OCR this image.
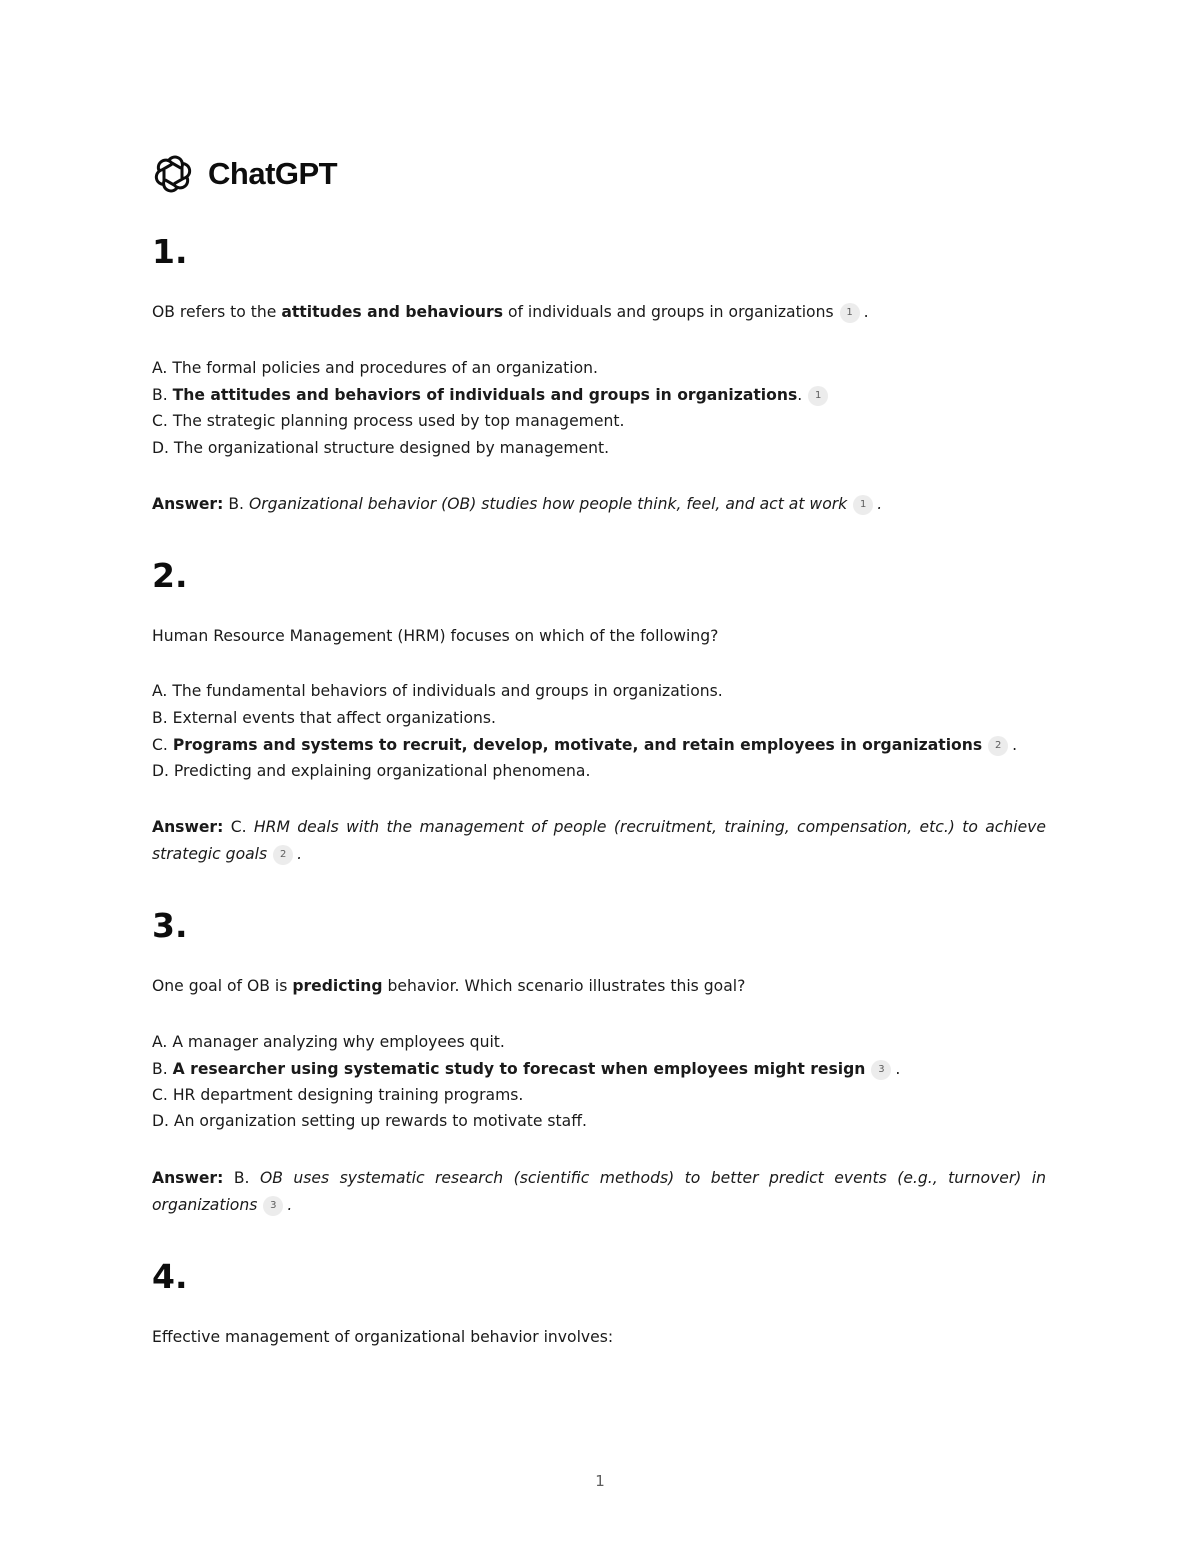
ChatGPT
1.
OB refers to the attitudes and behaviours of individuals and groups in organizations 1 .
A. The formal policies and procedures of an organization.
B. The attitudes and behaviors of individuals and groups in organizations. 1
C. The strategic planning process used by top management.
D. The organizational structure designed by management.
Answer: B. Organizational behavior (OB) studies how people think, feel, and act at work 1 .
2.
Human Resource Management (HRM) focuses on which of the following?
A. The fundamental behaviors of individuals and groups in organizations.
B. External events that affect organizations.
C. Programs and systems to recruit, develop, motivate, and retain employees in organizations 2 .
D. Predicting and explaining organizational phenomena.
Answer: C. HRM deals with the management of people (recruitment, training, compensation, etc.) to achieve strategic goals 2 .
3.
One goal of OB is predicting behavior. Which scenario illustrates this goal?
A. A manager analyzing why employees quit.
B. A researcher using systematic study to forecast when employees might resign 3 .
C. HR department designing training programs.
D. An organization setting up rewards to motivate staff.
Answer: B. OB uses systematic research (scientific methods) to better predict events (e.g., turnover) in organizations 3 .
4.
Effective management of organizational behavior involves:
1
